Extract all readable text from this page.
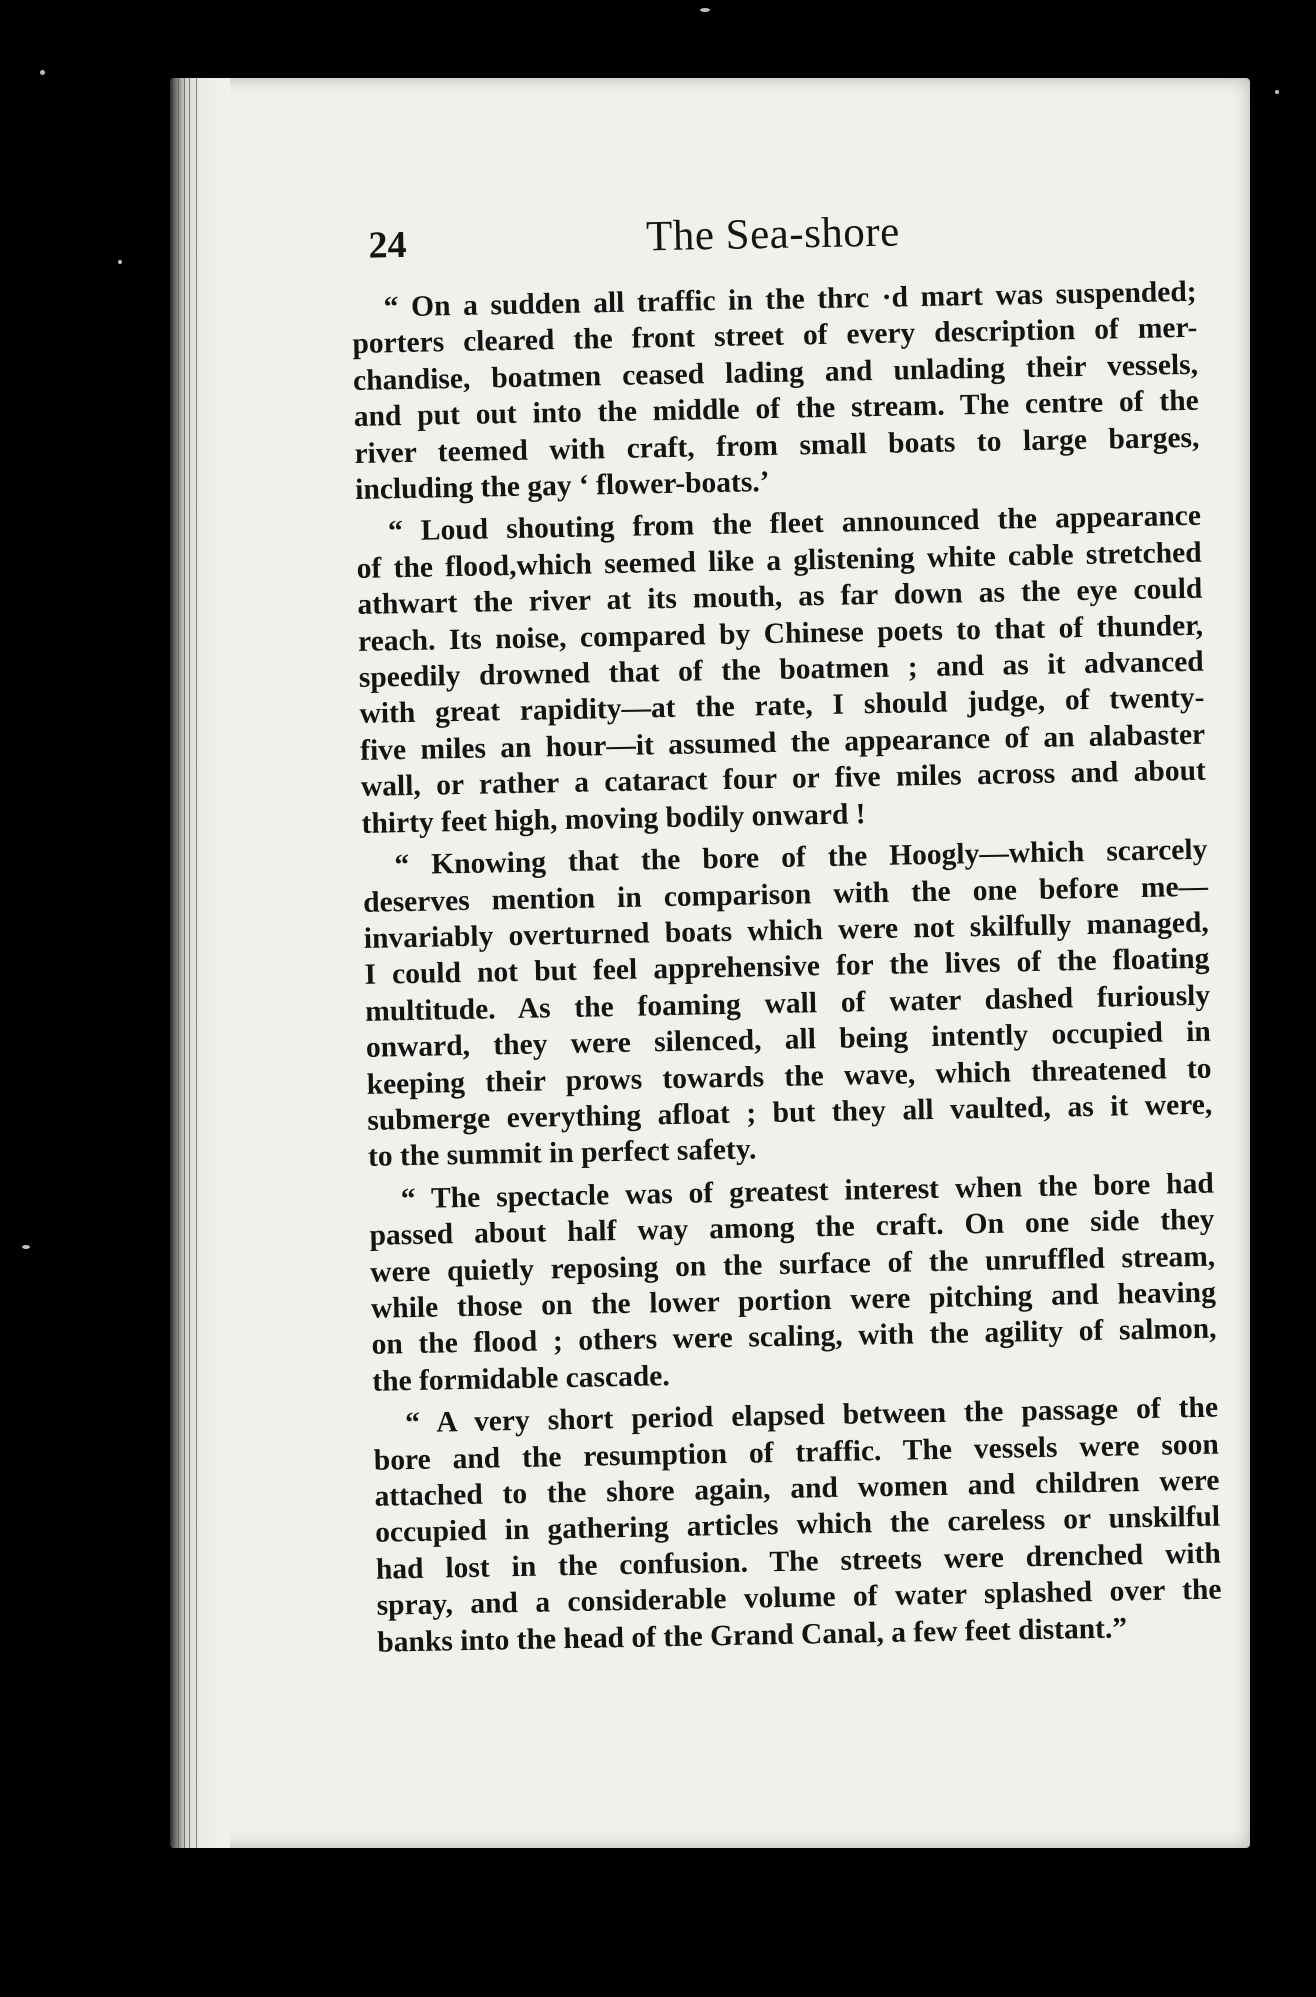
24	The Sea-shore
“ On a sudden all traffic in the thrc ·d mart was suspended;
porters cleared the front street of every description of mer-
chandise, boatmen ceased lading and unlading their vessels,
and put out into the middle of the stream. The centre of the
river teemed with craft, from small boats to large barges,
including the gay ‘ flower-boats.’
“ Loud shouting from the fleet announced the appearance
of the flood,which seemed like a glistening white cable stretched
athwart the river at its mouth, as far down as the eye could
reach. Its noise, compared by Chinese poets to that of thunder,
speedily drowned that of the boatmen ; and as it advanced
with great rapidity—at the rate, I should judge, of twenty-
five miles an hour—it assumed the appearance of an alabaster
wall, or rather a cataract four or five miles across and about
thirty feet high, moving bodily onward !
“ Knowing that the bore of the Hoogly—which scarcely
deserves mention in comparison with the one before me—
invariably overturned boats which were not skilfully managed,
I could not but feel apprehensive for the lives of the floating
multitude. As the foaming wall of water dashed furiously
onward, they were silenced, all being intently occupied in
keeping their prows towards the wave, which threatened to
submerge everything afloat ; but they all vaulted, as it were,
to the summit in perfect safety.
“ The spectacle was of greatest interest when the bore had
passed about half way among the craft. On one side they
were quietly reposing on the surface of the unruffled stream,
while those on the lower portion were pitching and heaving
on the flood ; others were scaling, with the agility of salmon,
the formidable cascade.
“ A very short period elapsed between the passage of the
bore and the resumption of traffic. The vessels were soon
attached to the shore again, and women and children were
occupied in gathering articles which the careless or unskilful
had lost in the confusion. The streets were drenched with
spray, and a considerable volume of water splashed over the
banks into the head of the Grand Canal, a few feet distant.”
